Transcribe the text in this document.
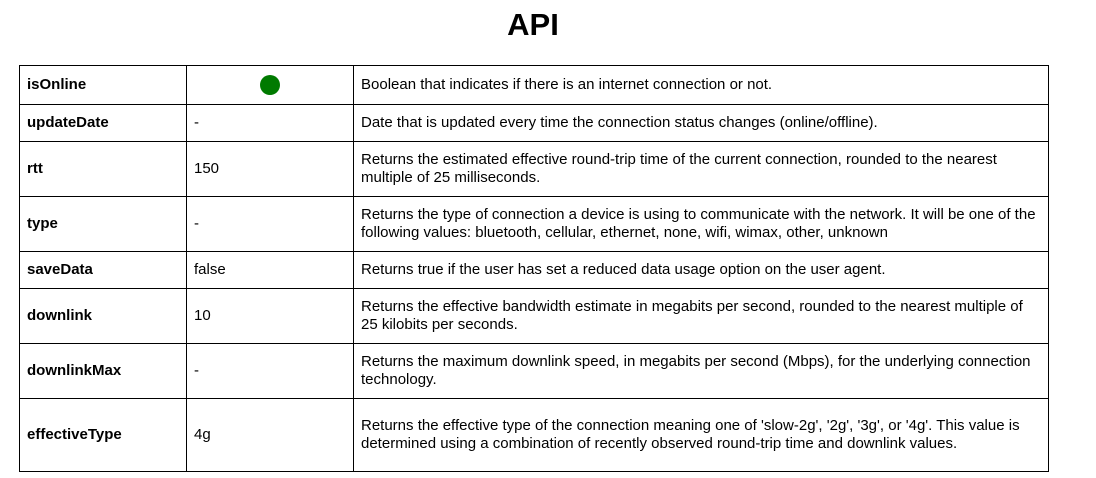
API
isOnline		Boolean that indicates if there is an internet connection or not.
updateDate	-	Date that is updated every time the connection status changes (online/offline).
rtt	150	Returns the estimated effective round-trip time of the current connection, rounded to the nearest multiple of 25 milliseconds.
type	-	Returns the type of connection a device is using to communicate with the network. It will be one of the following values: bluetooth, cellular, ethernet, none, wifi, wimax, other, unknown
saveData	false	Returns true if the user has set a reduced data usage option on the user agent.
downlink	10	Returns the effective bandwidth estimate in megabits per second, rounded to the nearest multiple of 25 kilobits per seconds.
downlinkMax	-	Returns the maximum downlink speed, in megabits per second (Mbps), for the underlying connection technology.
effectiveType	4g	Returns the effective type of the connection meaning one of 'slow-2g', '2g', '3g', or '4g'. This value is determined using a combination of recently observed round-trip time and downlink values.
